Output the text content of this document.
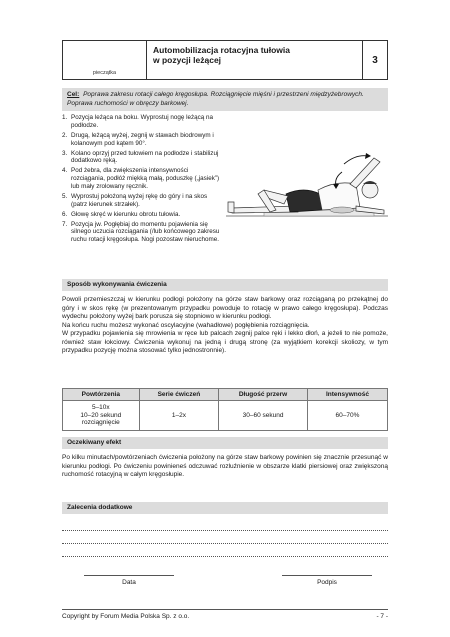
pieczątka
Automobilizacja rotacyjna tułowia
w pozycji leżącej	3
Cel: Poprawa zakresu rotacji całego kręgosłupa. Rozciągnięcie mięśni i przestrzeni międzyżebrowych. Poprawa ruchomości w obręczy barkowej.
1. Pozycja leżąca na boku. Wyprostuj nogę leżącą na podłodze.
2. Drugą, leżącą wyżej, zegnij w stawach biodrowym i kolanowym pod kątem 90°.
3. Kolano oprzyj przed tułowiem na podłodze i stabilizuj dodatkowo ręką.
4. Pod żebra, dla zwiększenia intensywności rozciągania, podłóż miękką małą, poduszkę („jasiek”) lub mały zrolowany ręcznik.
5. Wyprostuj położoną wyżej rękę do góry i na skos (patrz kierunek strzałek).
6. Głowę skręć w kierunku obrotu tułowia.
7. Pozycja jw. Pogłębiaj do momentu pojawienia się silnego uczucia rozciągania (/lub końcowego zakresu ruchu rotacji kręgosłupa. Nogi pozostaw nieruchome.
Sposób wykonywania ćwiczenia

Powoli przemieszczaj w kierunku podłogi położony na górze staw barkowy oraz rozciąganą po przekątnej do góry i w skos rękę (w prezentowanym przypadku powoduje to rotację w prawo całego kręgosłupa). Podczas wydechu położony wyżej bark porusza się stopniowo w kierunku podłogi.

Na końcu ruchu możesz wykonać oscylacyjne (wahadłowe) pogłębienia rozciągnięcia.

W przypadku pojawienia się mrowienia w ręce lub palcach zegnij palce ręki i lekko dłoń, a jeżeli to nie pomoże, również staw łokciowy. Ćwiczenia wykonuj na jedną i drugą stronę (za wyjątkiem korekcji skoliozy, w tym przypadku pozycję można stosować tylko jednostronnie).

Powtórzenia	Serie ćwiczeń	Długość przerw	Intensywność

5–10x
10–20 sekund
rozciągnięcie	1–2x	30–60 sekund	60–70%
Oczekiwany efekt
Po kilku minutach/powtórzeniach ćwiczenia położony na górze staw barkowy powinien się znacznie przesunąć w kierunku podłogi. Po ćwiczeniu powinieneś odczuwać rozluźnienie w obszarze klatki piersiowej oraz zwiększoną ruchomość rotacyjną w całym kręgosłupie.
Zalecenia dodatkowe
Data	Podpis
Copyright by Forum Media Polska Sp. z o.o.	- 7 -
